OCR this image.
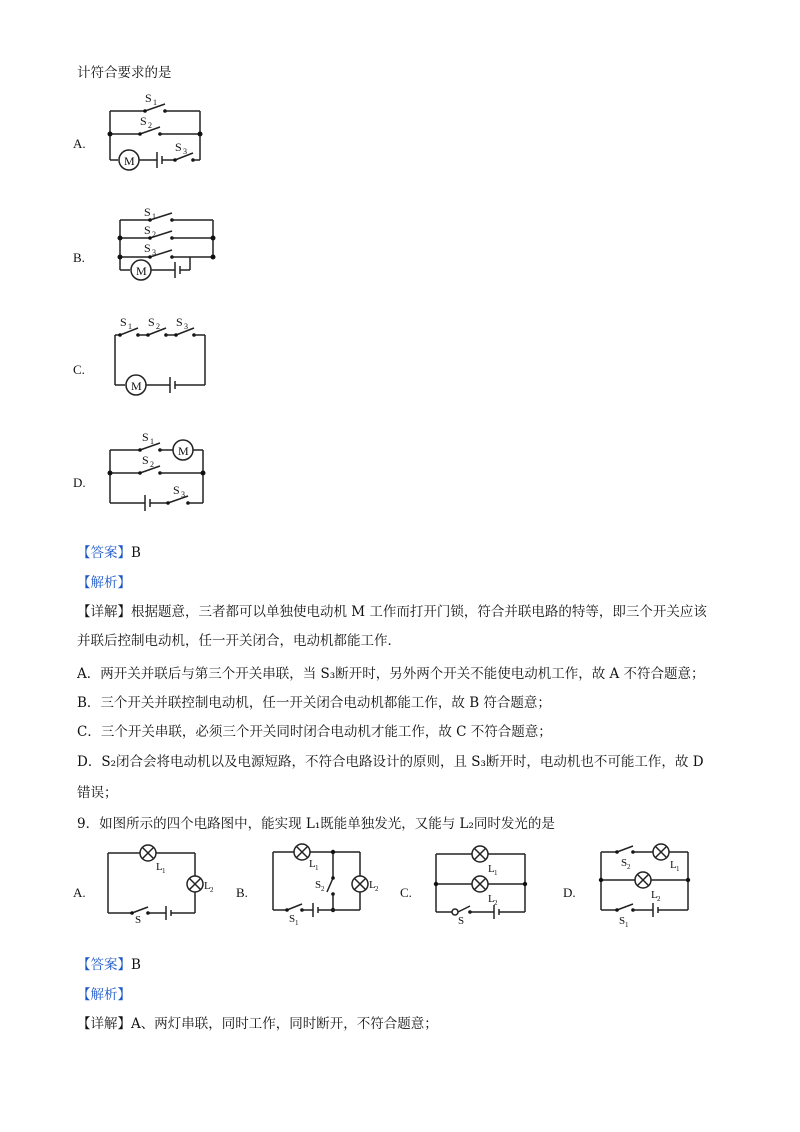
计符合要求的是
A.
M
S 1
S 2
S 3
B.
M
S 1
S 2
S 3
C.
M
S 1 S 2 S 3
D.
M
S 1
S 2
S 3
【答案】B
【解析】
【详解】根据题意，三者都可以单独使电动机 M 工作而打开门锁，符合并联电路的特等，即三个开关应该
并联后控制电动机，任一开关闭合，电动机都能工作．
A．两开关并联后与第三个开关串联，当 S₃断开时，另外两个开关不能使电动机工作，故 A 不符合题意；
B．三个开关并联控制电动机，任一开关闭合电动机都能工作，故 B 符合题意；
C．三个开关串联，必须三个开关同时闭合电动机才能工作，故 C 不符合题意；
D．S₂闭合会将电动机以及电源短路，不符合电路设计的原则，且 S₃断开时，电动机也不可能工作，故 D
错误；
9．如图所示的四个电路图中，能实现 L₁既能单独发光，又能与 L₂同时发光的是
A.
L 1
L 2
S
B.
L 1
S 2	L 2
S 1
C.
L 1
L 2
S
D.
S 2	L 1
L 2
S 1
【答案】B
【解析】
【详解】A、两灯串联，同时工作，同时断开，不符合题意；
